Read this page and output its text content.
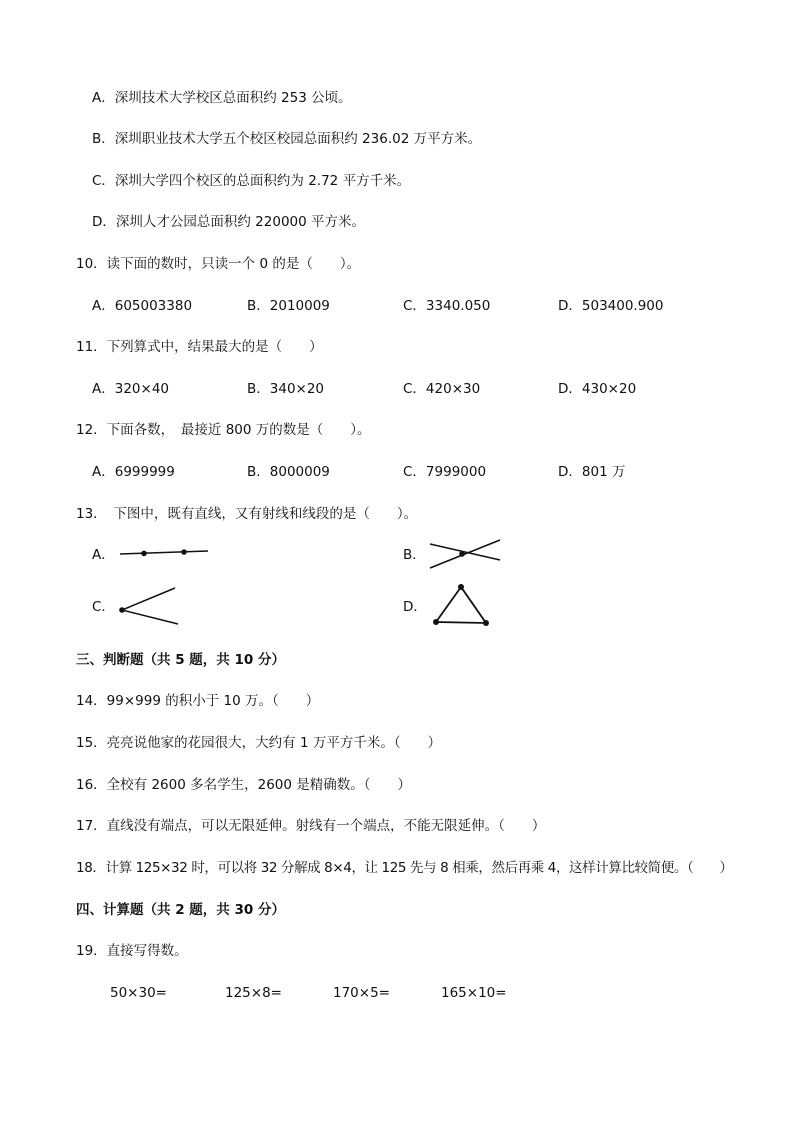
A．深圳技术大学校区总面积约 253 公顷。
B．深圳职业技术大学五个校区校园总面积约 236.02 万平方米。
C．深圳大学四个校区的总面积约为 2.72 平方千米。
D．深圳人才公园总面积约 220000 平方米。
10．读下面的数时，只读一个 0 的是（　　）。
A．605003380	B．2010009	C．3340.050	D．503400.900
11．下列算式中，结果最大的是（　　）
A．320×40	B．340×20	C．420×30	D．430×20
12．下面各数，　最接近 800 万的数是（　　）。
A．6999999	B．8000009	C．7999000	D．801 万
13．　下图中，既有直线，又有射线和线段的是（　　）。
A．	B．
C．	D．
三、判断题（共 5 题，共 10 分）
14．99×999 的积小于 10 万。（　　）
15．亮亮说他家的花园很大，大约有 1 万平方千米。（　　）
16．全校有 2600 多名学生，2600 是精确数。（　　）
17．直线没有端点，可以无限延伸。射线有一个端点，不能无限延伸。（　　）
18．计算 125×32 时，可以将 32 分解成 8×4，让 125 先与 8 相乘，然后再乘 4，这样计算比较简便。（　　）
四、计算题（共 2 题，共 30 分）
19．直接写得数。
50×30=	125×8=	170×5=	165×10=
